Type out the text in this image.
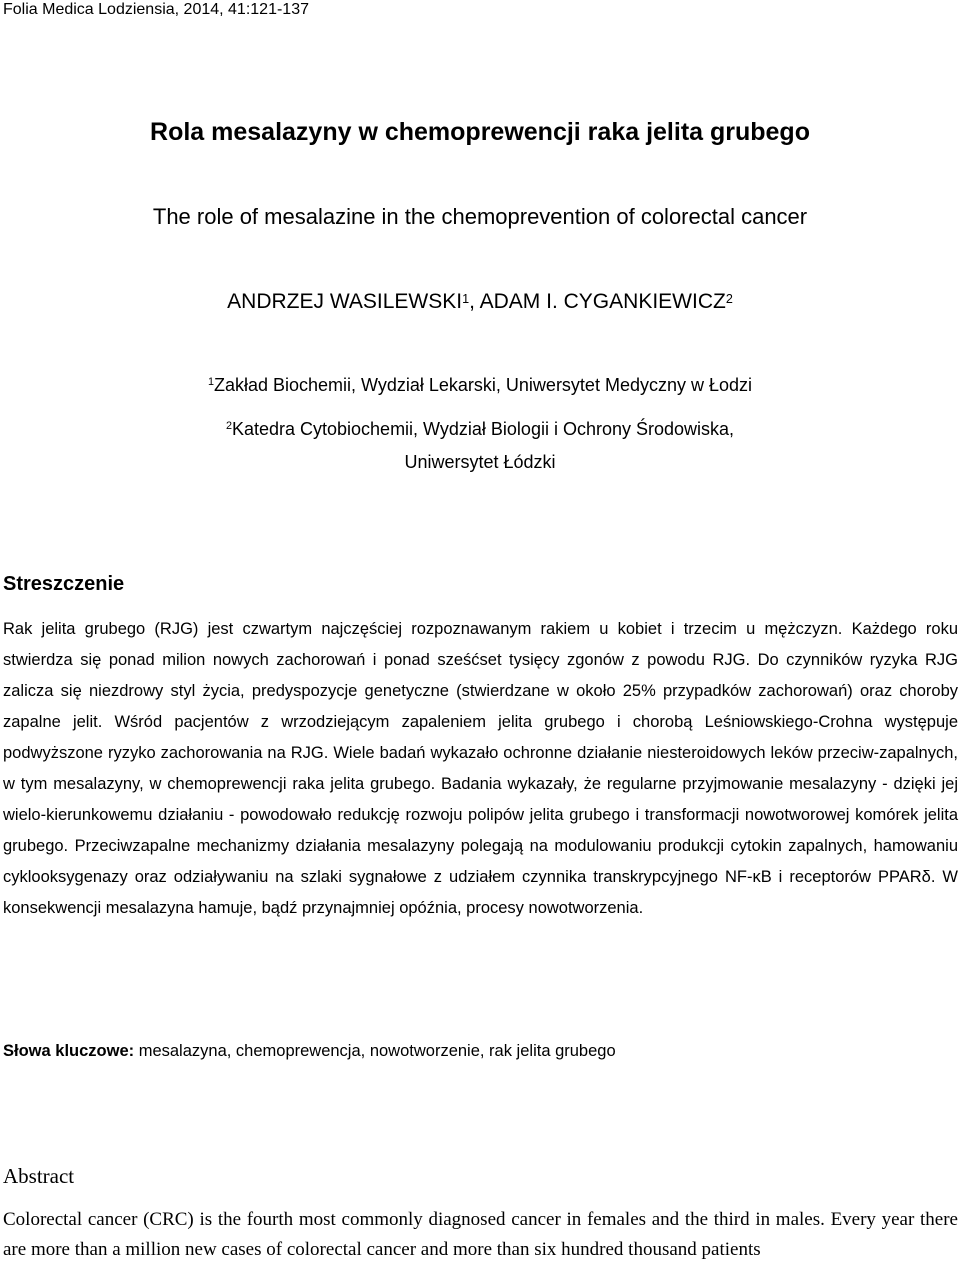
Folia Medica Lodziensia, 2014, 41:121-137
Rola mesalazyny w chemoprewencji raka jelita grubego
The role of mesalazine in the chemoprevention of colorectal cancer
ANDRZEJ WASILEWSKI$^1$, ADAM I. CYGANKIEWICZ$^2$
$^1$Zakład Biochemii, Wydział Lekarski, Uniwersytet Medyczny w Łodzi
$^2$Katedra Cytobiochemii, Wydział Biologii i Ochrony Środowiska,
Uniwersytet Łódzki
Streszczenie
Rak jelita grubego (RJG) jest czwartym najczęściej rozpoznawanym rakiem u kobiet i trzecim u mężczyzn. Każdego roku stwierdza się ponad milion nowych zachorowań i ponad sześćset tysięcy zgonów z powodu RJG. Do czynników ryzyka RJG zalicza się niezdrowy styl życia, predyspozycje genetyczne (stwierdzane w około 25% przypadków zachorowań) oraz choroby zapalne jelit. Wśród pacjentów z wrzodziejącym zapaleniem jelita grubego i chorobą Leśniowskiego-Crohna występuje podwyższone ryzyko zachorowania na RJG. Wiele badań wykazało ochronne działanie niesteroidowych leków przeciw-zapalnych, w tym mesalazyny, w chemoprewencji raka jelita grubego. Badania wykazały, że regularne przyjmowanie mesalazyny - dzięki jej wielo-kierunkowemu działaniu - powodowało redukcję rozwoju polipów jelita grubego i transformacji nowotworowej komórek jelita grubego. Przeciwzapalne mechanizmy działania mesalazyny polegają na modulowaniu produkcji cytokin zapalnych, hamowaniu cyklooksygenazy oraz odziaływaniu na szlaki sygnałowe z udziałem czynnika transkrypcyjnego NF-κB i receptorów PPARδ. W konsekwencji mesalazyna hamuje, bądź przynajmniej opóźnia, procesy nowotworzenia.
Słowa kluczowe: mesalazyna, chemoprewencja, nowotworzenie, rak jelita grubego
Abstract
Colorectal cancer (CRC) is the fourth most commonly diagnosed cancer in females and the third in males. Every year there are more than a million new cases of colorectal cancer and more than six hundred thousand patients
